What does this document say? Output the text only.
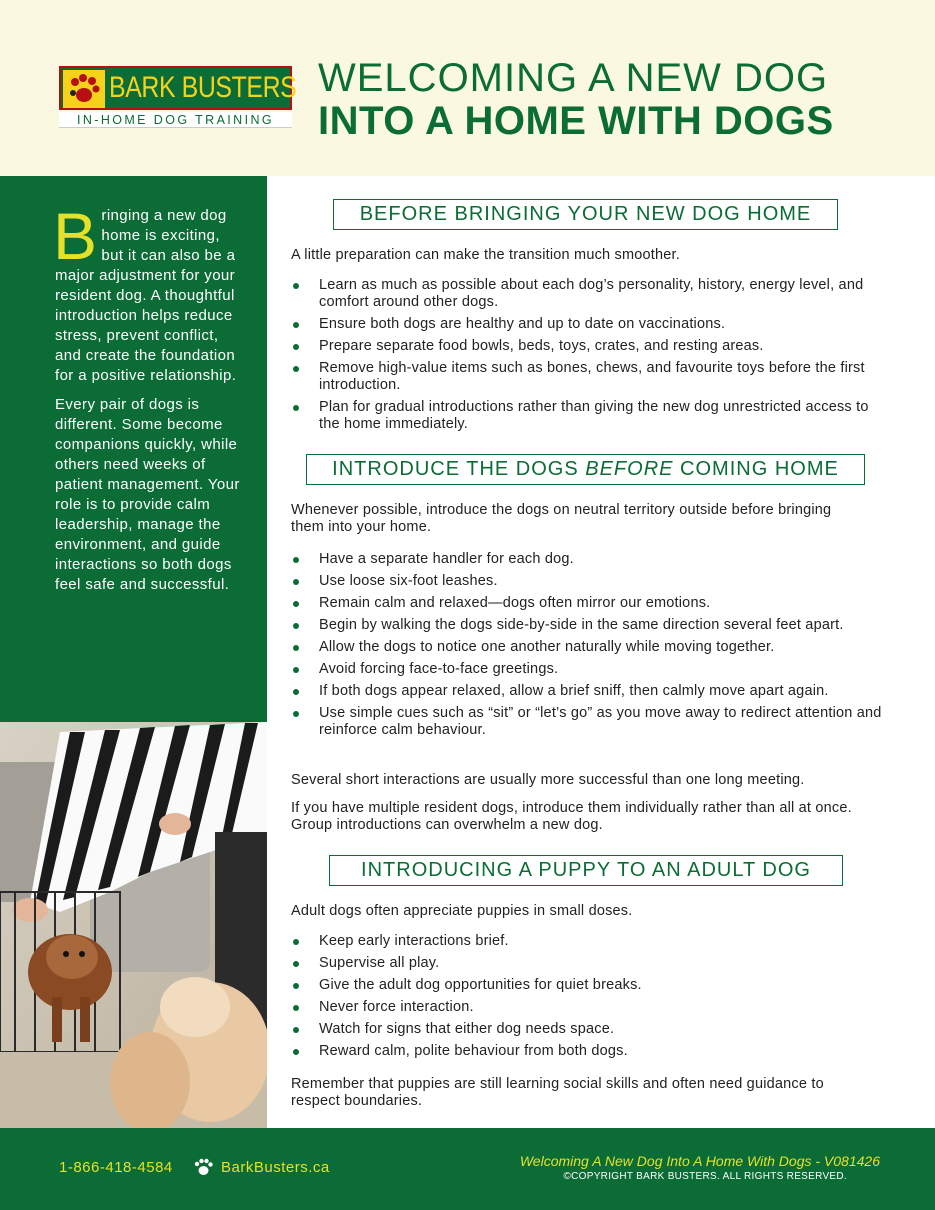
BARK BUSTERS
IN-HOME DOG TRAINING
WELCOMING A NEW DOG
INTO A HOME WITH DOGS

Bringing a new dog home is exciting, but it can also be a major adjustment for your resident dog. A thoughtful introduction helps reduce stress, prevent conflict, and create the foundation for a positive relationship.

Every pair of dogs is different. Some become companions quickly, while others need weeks of patient management. Your role is to provide calm leadership, manage the environment, and guide interactions so both dogs feel safe and successful.

BEFORE BRINGING YOUR NEW DOG HOME
A little preparation can make the transition much smoother.
Learn as much as possible about each dog’s personality, history, energy level, and comfort around other dogs.
Ensure both dogs are healthy and up to date on vaccinations.
Prepare separate food bowls, beds, toys, crates, and resting areas.
Remove high-value items such as bones, chews, and favourite toys before the first introduction.
Plan for gradual introductions rather than giving the new dog unrestricted access to the home immediately.
INTRODUCE THE DOGS BEFORE COMING HOME
Whenever possible, introduce the dogs on neutral territory outside before bringing them into your home.
Have a separate handler for each dog.
Use loose six-foot leashes.
Remain calm and relaxed—dogs often mirror our emotions.
Begin by walking the dogs side-by-side in the same direction several feet apart.
Allow the dogs to notice one another naturally while moving together.
Avoid forcing face-to-face greetings.
If both dogs appear relaxed, allow a brief sniff, then calmly move apart again.
Use simple cues such as “sit” or “let’s go” as you move away to redirect attention and reinforce calm behaviour.
Several short interactions are usually more successful than one long meeting.
If you have multiple resident dogs, introduce them individually rather than all at once. Group introductions can overwhelm a new dog.
INTRODUCING A PUPPY TO AN ADULT DOG
Adult dogs often appreciate puppies in small doses.
Keep early interactions brief.
Supervise all play.
Give the adult dog opportunities for quiet breaks.
Never force interaction.
Watch for signs that either dog needs space.
Reward calm, polite behaviour from both dogs.
Remember that puppies are still learning social skills and often need guidance to respect boundaries.
1-866-418-4584	BarkBusters.ca	Welcoming A New Dog Into A Home With Dogs - V081426
©COPYRIGHT BARK BUSTERS. ALL RIGHTS RESERVED.
